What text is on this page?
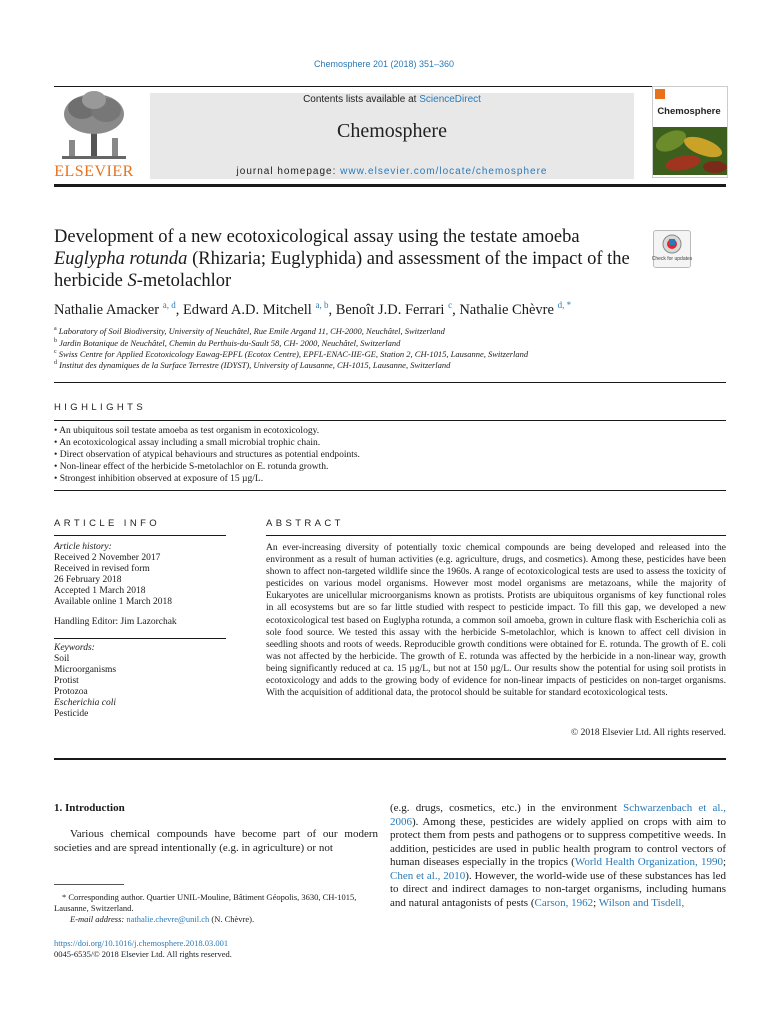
Chemosphere 201 (2018) 351–360
ELSEVIER
Contents lists available at ScienceDirect
Chemosphere
journal homepage: www.elsevier.com/locate/chemosphere
Chemosphere
Development of a new ecotoxicological assay using the testate amoeba Euglypha rotunda (Rhizaria; Euglyphida) and assessment of the impact of the herbicide S-metolachlor
Check for updates
Nathalie Amacker $^{a, d}$, Edward A.D. Mitchell $^{a, b}$, Benoît J.D. Ferrari $^c$, Nathalie Chèvre $^{d, *}$
$^a$ Laboratory of Soil Biodiversity, University of Neuchâtel, Rue Emile Argand 11, CH-2000, Neuchâtel, Switzerland
$^b$ Jardin Botanique de Neuchâtel, Chemin du Perthuis-du-Sault 58, CH- 2000, Neuchâtel, Switzerland
$^c$ Swiss Centre for Applied Ecotoxicology Eawag-EPFL (Ecotox Centre), EPFL-ENAC-IIE-GE, Station 2, CH-1015, Lausanne, Switzerland
$^d$ Institut des dynamiques de la Surface Terrestre (IDYST), University of Lausanne, CH-1015, Lausanne, Switzerland
HIGHLIGHTS
• An ubiquitous soil testate amoeba as test organism in ecotoxicology.
• An ecotoxicological assay including a small microbial trophic chain.
• Direct observation of atypical behaviours and structures as potential endpoints.
• Non-linear effect of the herbicide S-metolachlor on E. rotunda growth.
• Strongest inhibition observed at exposure of 15 µg/L.
ARTICLE INFO
Article history:
Received 2 November 2017
Received in revised form
26 February 2018
Accepted 1 March 2018
Available online 1 March 2018
Handling Editor: Jim Lazorchak
Keywords:
Soil
Microorganisms
Protist
Protozoa
Escherichia coli
Pesticide
ABSTRACT
An ever-increasing diversity of potentially toxic chemical compounds are being developed and released into the environment as a result of human activities (e.g. agriculture, drugs, and cosmetics). Among these, pesticides have been shown to affect non-targeted wildlife since the 1960s. A range of ecotoxicological tests are used to assess the toxicity of pesticides on various model organisms. However most model organisms are metazoans, while the majority of Eukaryotes are unicellular microorganisms known as protists. Protists are ubiquitous organisms of key functional roles in all ecosystems but are so far little studied with respect to pesticide impact. To fill this gap, we developed a new ecotoxicological test based on Euglypha rotunda, a common soil amoeba, grown in culture flask with Escherichia coli as sole food source. We tested this assay with the herbicide S-metolachlor, which is known to affect cell division in seedling shoots and roots of weeds. Reproducible growth conditions were obtained for E. rotunda. The growth of E. coli was not affected by the herbicide. The growth of E. rotunda was affected by the herbicide in a non-linear way, growth being significantly reduced at ca. 15 µg/L, but not at 150 µg/L. Our results show the potential for using soil protists in ecotoxicology and adds to the growing body of evidence for non-linear impacts of pesticides on non-target organisms. With the acquisition of additional data, the protocol should be suitable for standard ecotoxicological tests.
© 2018 Elsevier Ltd. All rights reserved.
1. Introduction
Various chemical compounds have become part of our modern societies and are spread intentionally (e.g. in agriculture) or not
(e.g. drugs, cosmetics, etc.) in the environment Schwarzenbach et al., 2006). Among these, pesticides are widely applied on crops with aim to protect them from pests and pathogens or to suppress competitive weeds. In addition, pesticides are used in public health program to control vectors of human diseases especially in the tropics (World Health Organization, 1990; Chen et al., 2010). However, the world-wide use of these substances has led to direct and indirect damages to non-target organisms, including humans and natural antagonists of pests (Carson, 1962; Wilson and Tisdell,
* Corresponding author. Quartier UNIL-Mouline, Bâtiment Géopolis, 3630, CH-1015, Lausanne, Switzerland.
E-mail address: nathalie.chevre@unil.ch (N. Chèvre).
https://doi.org/10.1016/j.chemosphere.2018.03.001
0045-6535/© 2018 Elsevier Ltd. All rights reserved.
